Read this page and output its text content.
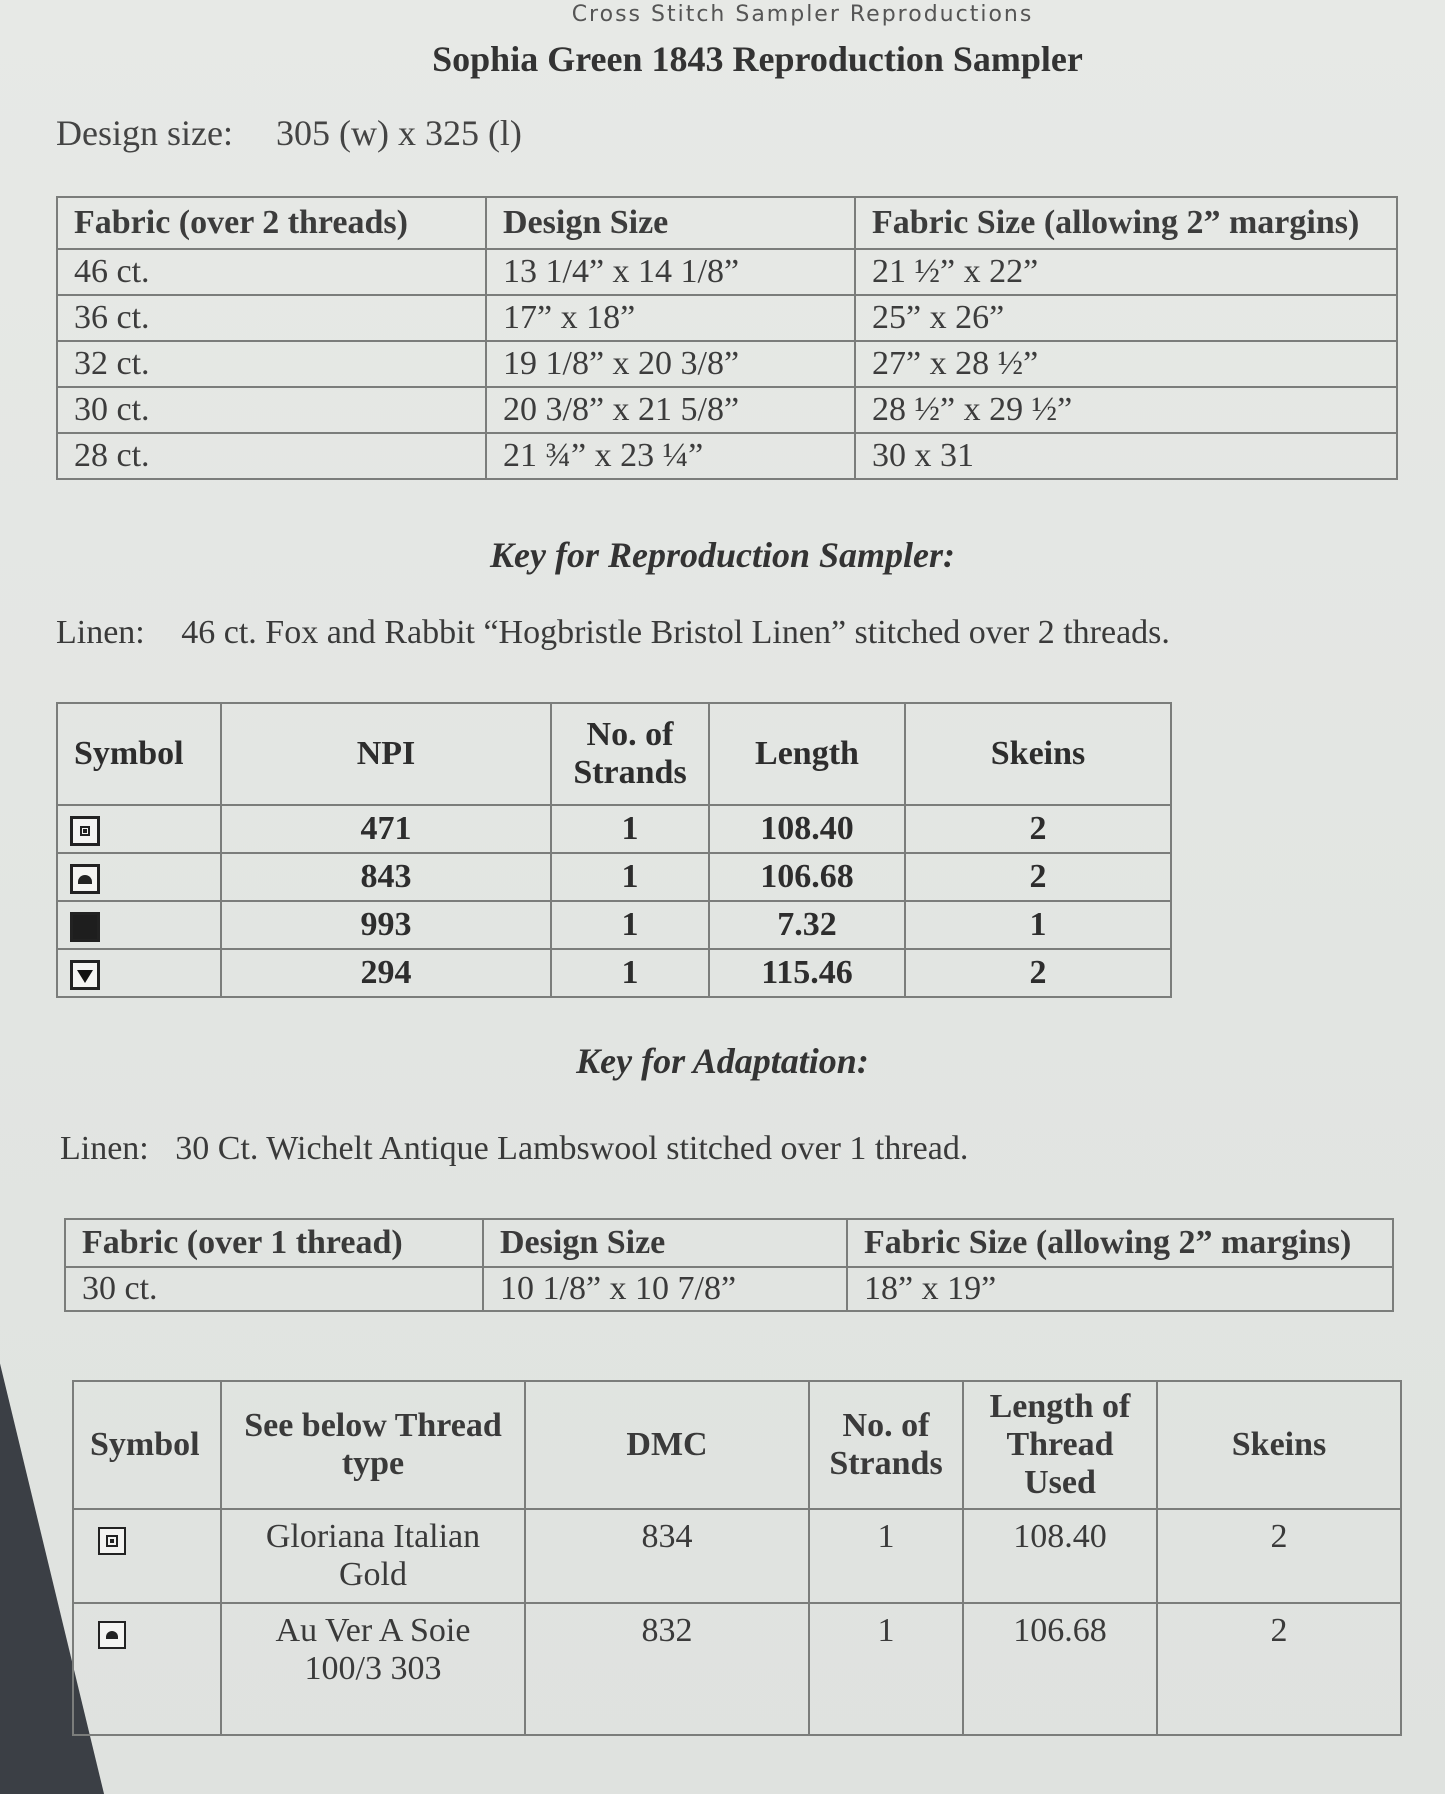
Cross Stitch Sampler Reproductions
Sophia Green 1843 Reproduction Sampler
Design size: 305 (w) x 325 (l)
Fabric (over 2 threads)	Design Size	Fabric Size (allowing 2” margins)
46 ct.	13 1/4” x 14 1/8”	21 ½” x 22”
36 ct.	17” x 18”	25” x 26”
32 ct.	19 1/8” x 20 3/8”	27” x 28 ½”
30 ct.	20 3/8” x 21 5/8”	28 ½” x 29 ½”
28 ct.	21 ¾” x 23 ¼”	30 x 31
Key for Reproduction Sampler:
Linen: 46 ct. Fox and Rabbit “Hogbristle Bristol Linen” stitched over 2 threads.
Symbol	NPI	No. of Strands	Length	Skeins
	471	1	108.40	2
	843	1	106.68	2
	993	1	7.32	1
	294	1	115.46	2
Key for Adaptation:
Linen: 30 Ct. Wichelt Antique Lambswool stitched over 1 thread.
Fabric (over 1 thread)	Design Size	Fabric Size (allowing 2” margins)
30 ct.	10 1/8” x 10 7/8”	18” x 19”
Symbol	See below Thread type	DMC	No. of Strands	Length of Thread Used	Skeins
	Gloriana Italian Gold	834	1	108.40	2
	Au Ver A Soie 100/3 303	832	1	106.68	2
